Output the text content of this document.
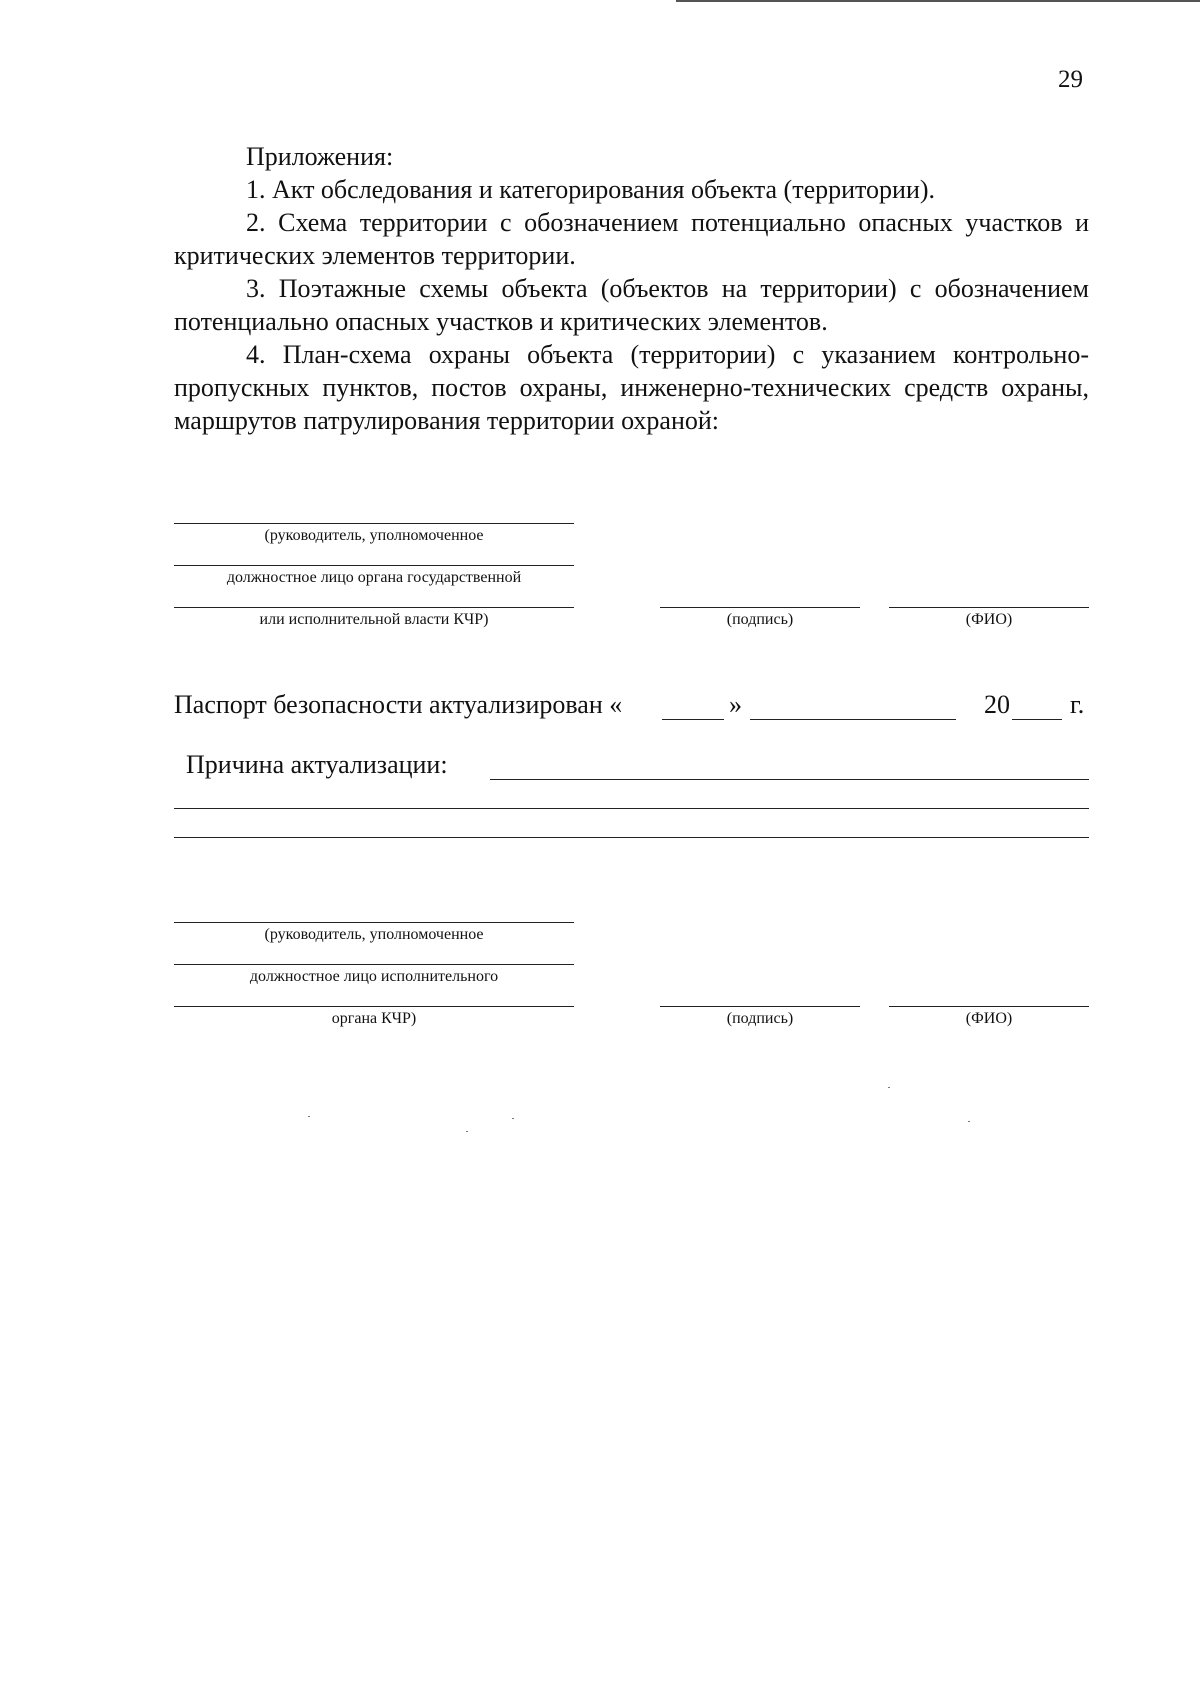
29

Приложения:

1. Акт обследования и категорирования объекта (территории).

2. Схема территории с обозначением потенциально опасных участков и критических элементов территории.

3. Поэтажные схемы объекта (объектов на территории) с обозначением потенциально опасных участков и критических элементов.

4. План-схема охраны объекта (территории) с указанием контрольно-пропускных пунктов, постов охраны, инженерно-технических средств охраны, маршрутов патрулирования территории охраной:

(руководитель, уполномоченное
должностное лицо органа государственной
или исполнительной власти КЧР)	(подпись)	(ФИО)
Паспорт безопасности актуализирован «	»	20 г.
Причина актуализации:
(руководитель, уполномоченное
должностное лицо исполнительного
органа КЧР)	(подпись)	(ФИО)
